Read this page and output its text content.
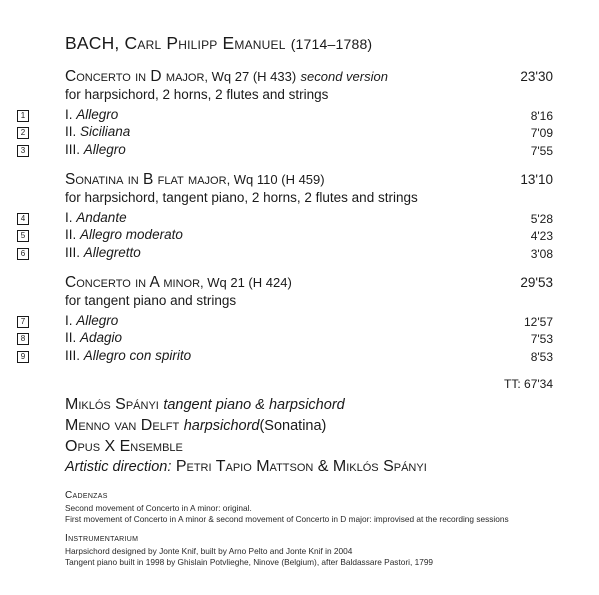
BACH, Carl Philipp Emanuel (1714–1788)
Concerto in D major, Wq 27 (H 433) second version	23'30
for harpsichord, 2 horns, 2 flutes and strings
1	I. Allegro	8'16
2	II. Siciliana	7'09
3	III. Allegro	7'55
Sonatina in B flat major, Wq 110 (H 459)	13'10
for harpsichord, tangent piano, 2 horns, 2 flutes and strings
4	I. Andante	5'28
5	II. Allegro moderato	4'23
6	III. Allegretto	3'08
Concerto in A minor, Wq 21 (H 424)	29'53
for tangent piano and strings
7	I. Allegro	12'57
8	II. Adagio	7'53
9	III. Allegro con spirito	8'53
TT: 67'34
Miklós Spányi tangent piano & harpsichord
Menno van Delft harpsichord(Sonatina)
Opus X Ensemble
Artistic direction: Petri Tapio Mattson & Miklós Spányi
Cadenzas
Second movement of Concerto in A minor: original.
First movement of Concerto in A minor & second movement of Concerto in D major: improvised at the recording sessions
Instrumentarium
Harpsichord designed by Jonte Knif, built by Arno Pelto and Jonte Knif in 2004
Tangent piano built in 1998 by Ghislain Potvlieghe, Ninove (Belgium), after Baldassare Pastori, 1799
